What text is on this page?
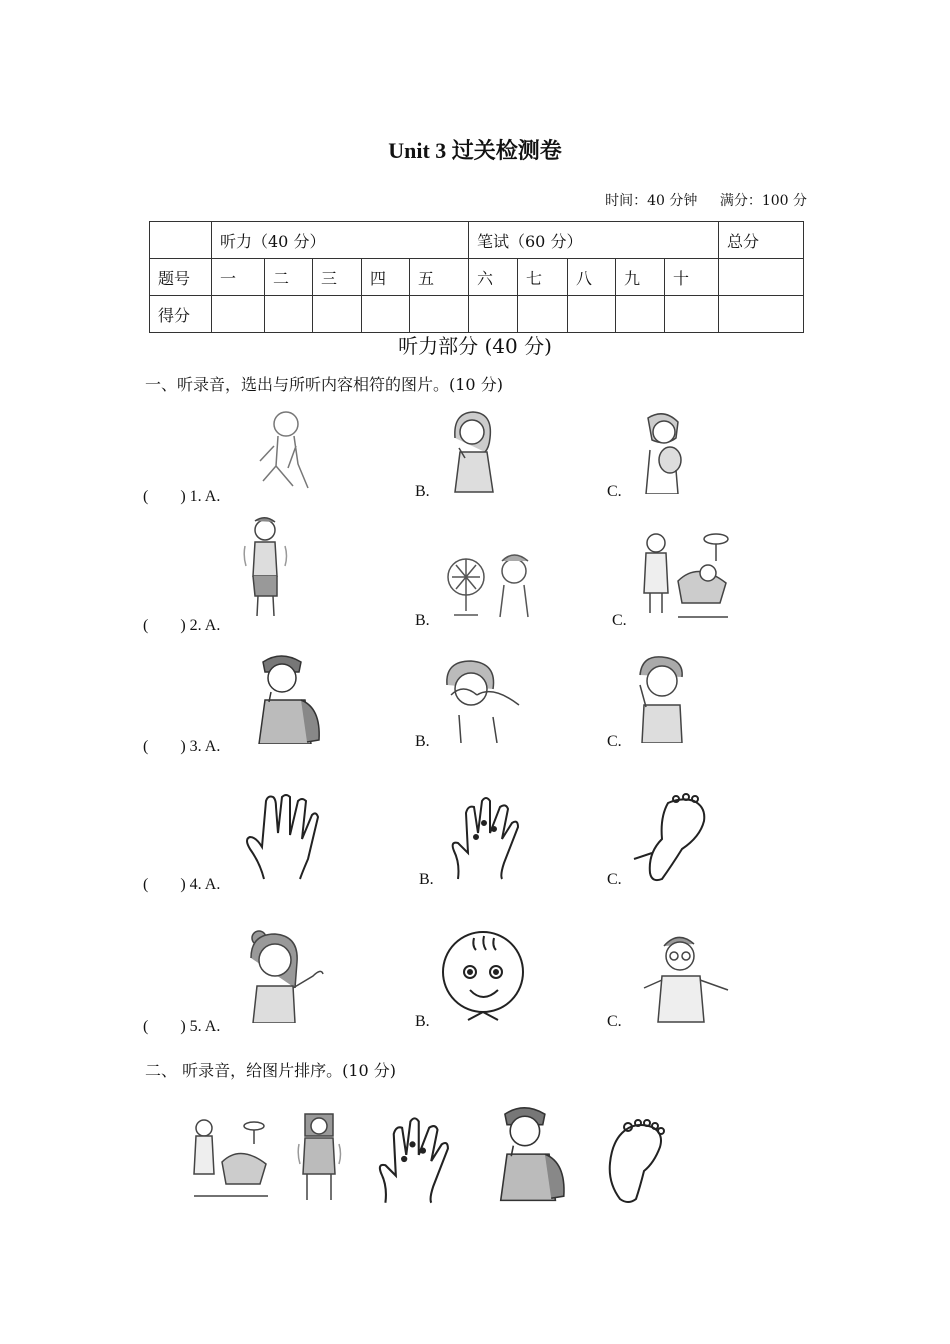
Unit 3 过关检测卷
时间：40 分钟 满分：100 分
	听力（40 分）					笔试（60 分）					总分
题号	一	二	三	四	五	六	七	八	九	十	
得分											
听力部分 (40 分)
一、听录音，选出与所听内容相符的图片。(10 分)
(　　) 1. A.	B.	C.
(　　) 2. A.	B.	C.
(　　) 3. A.	B.	C.
(　　) 4. A.	B.	C.
(　　) 5. A.	B.	C.
二、 听录音，给图片排序。(10 分)
